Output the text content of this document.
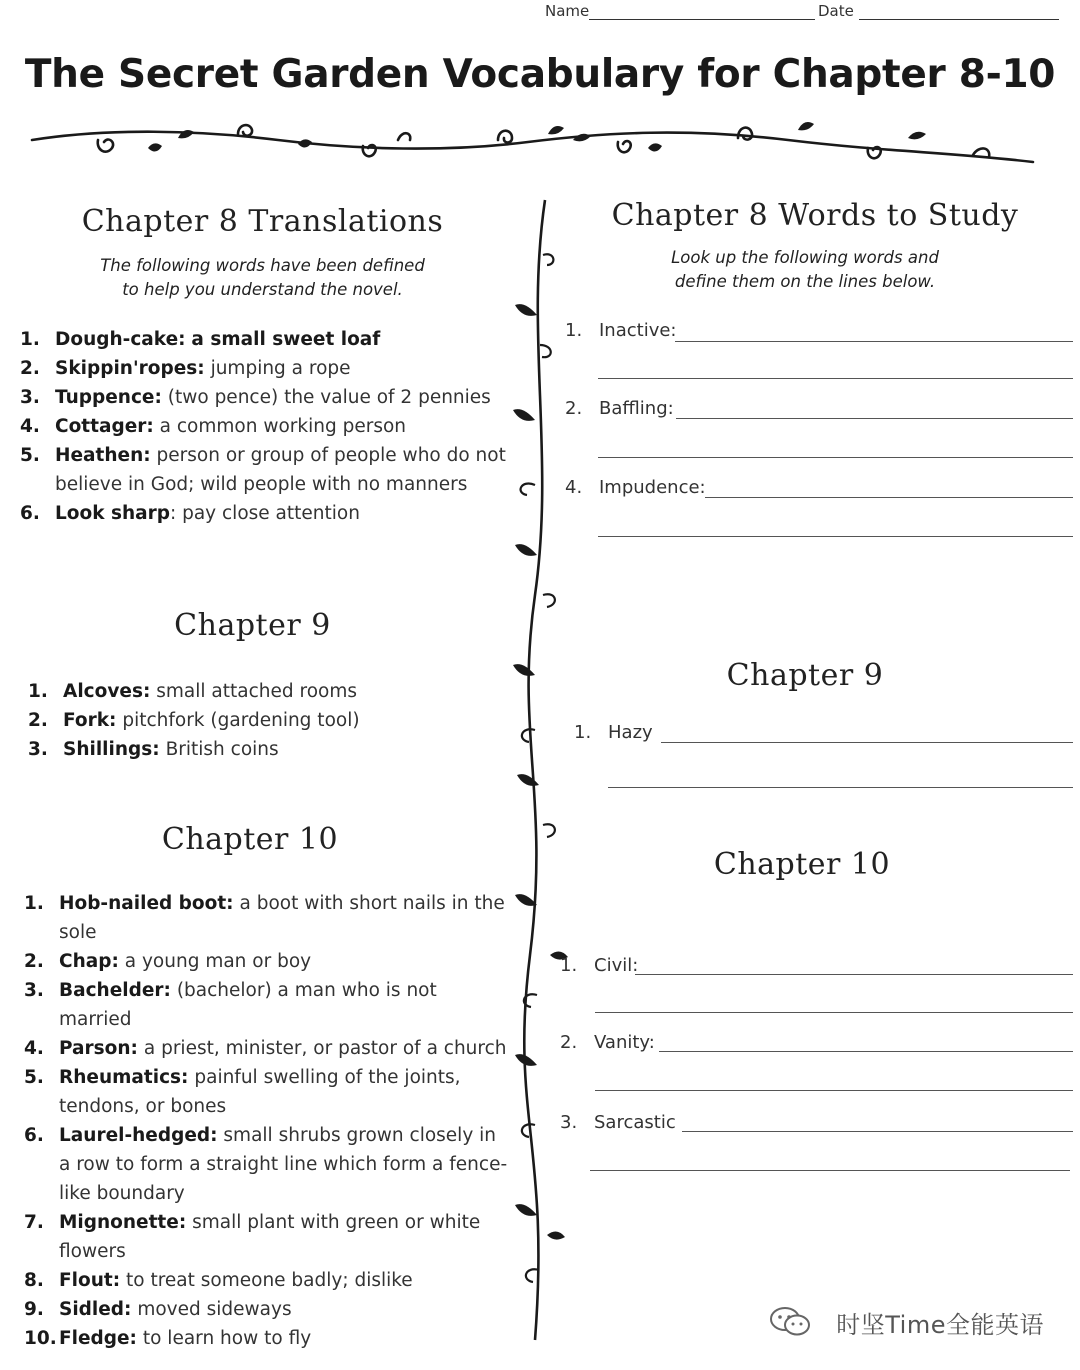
Name	Date
The Secret Garden Vocabulary for Chapter 8-10
Chapter 8 Translations
The following words have been defined
to help you understand the novel.
1. Dough-cake: a small sweet loaf
2. Skippin'ropes: jumping a rope
3. Tuppence: (two pence) the value of 2 pennies
4. Cottager: a common working person
5. Heathen: person or group of people who do not believe in God; wild people with no manners
6. Look sharp: pay close attention
Chapter 9
1. Alcoves: small attached rooms
2. Fork: pitchfork (gardening tool)
3. Shillings: British coins
Chapter 10
1. Hob-nailed boot: a boot with short nails in the sole
2. Chap: a young man or boy
3. Bachelder: (bachelor) a man who is not married
4. Parson: a priest, minister, or pastor of a church
5. Rheumatics: painful swelling of the joints, tendons, or bones
6. Laurel-hedged: small shrubs grown closely in a row to form a straight line which form a fence-like boundary
7. Mignonette: small plant with green or white flowers
8. Flout: to treat someone badly; dislike
9. Sidled: moved sideways
10. Fledge: to learn how to fly
Chapter 8 Words to Study
Look up the following words and
define them on the lines below.
1. Inactive:
2. Baffling:
4. Impudence:
Chapter 9
1. Hazy
Chapter 10
1. Civil:
2. Vanity:
3. Sarcastic
时坚Time全能英语
